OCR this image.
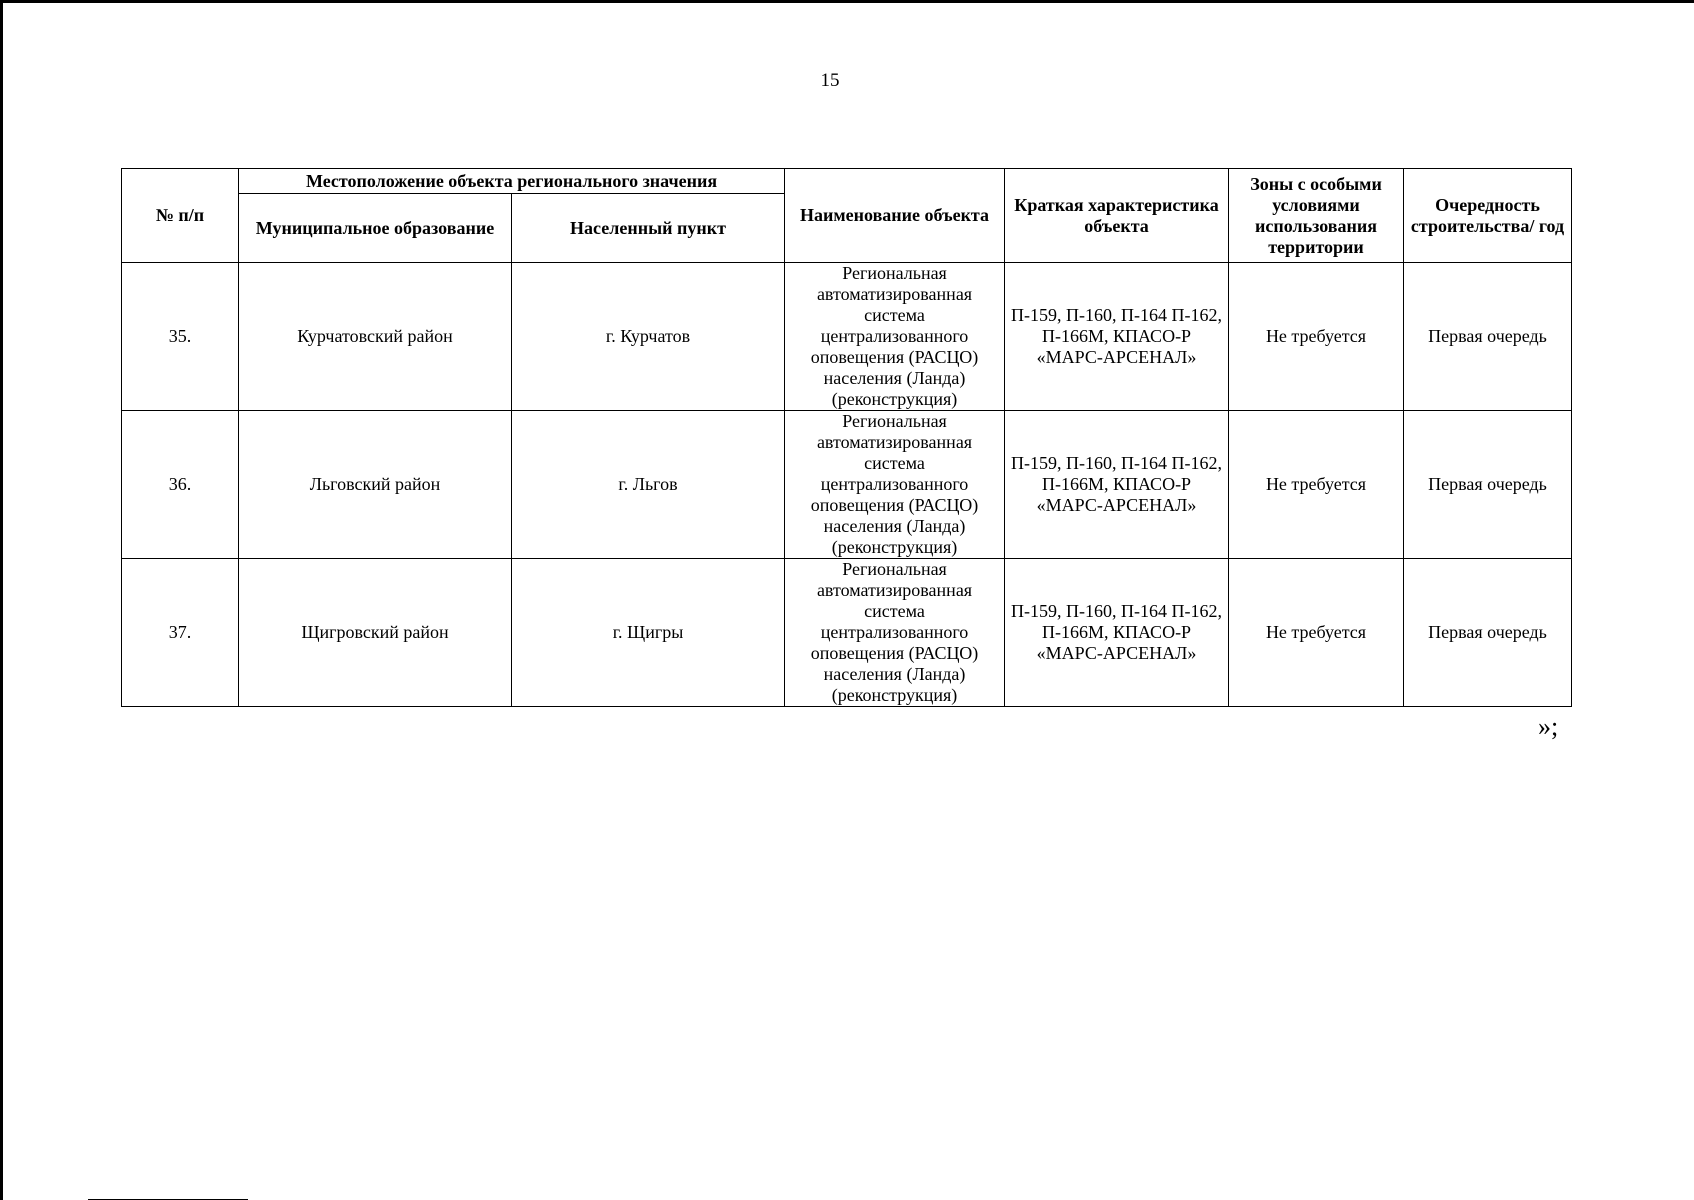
15
№ п/п	Местоположение объекта регионального значения		Наименование объекта	Краткая характеристика объекта	Зоны с особыми условиями использования территории	Очередность строительства/ год
	Муниципальное образование	Населенный пункт				
35.	Курчатовский район	г. Курчатов	Региональная автоматизированная система централизованного оповещения (РАСЦО) населения (Ланда) (реконструкция)	П-159, П-160, П-164 П-162, П-166М, КПАСО-Р «МАРС-АРСЕНАЛ»	Не требуется	Первая очередь
36.	Льговский район	г. Льгов	Региональная автоматизированная система централизованного оповещения (РАСЦО) населения (Ланда) (реконструкция)	П-159, П-160, П-164 П-162, П-166М, КПАСО-Р «МАРС-АРСЕНАЛ»	Не требуется	Первая очередь
37.	Щигровский район	г. Щигры	Региональная автоматизированная система централизованного оповещения (РАСЦО) населения (Ланда) (реконструкция)	П-159, П-160, П-164 П-162, П-166М, КПАСО-Р «МАРС-АРСЕНАЛ»	Не требуется	Первая очередь
»;
